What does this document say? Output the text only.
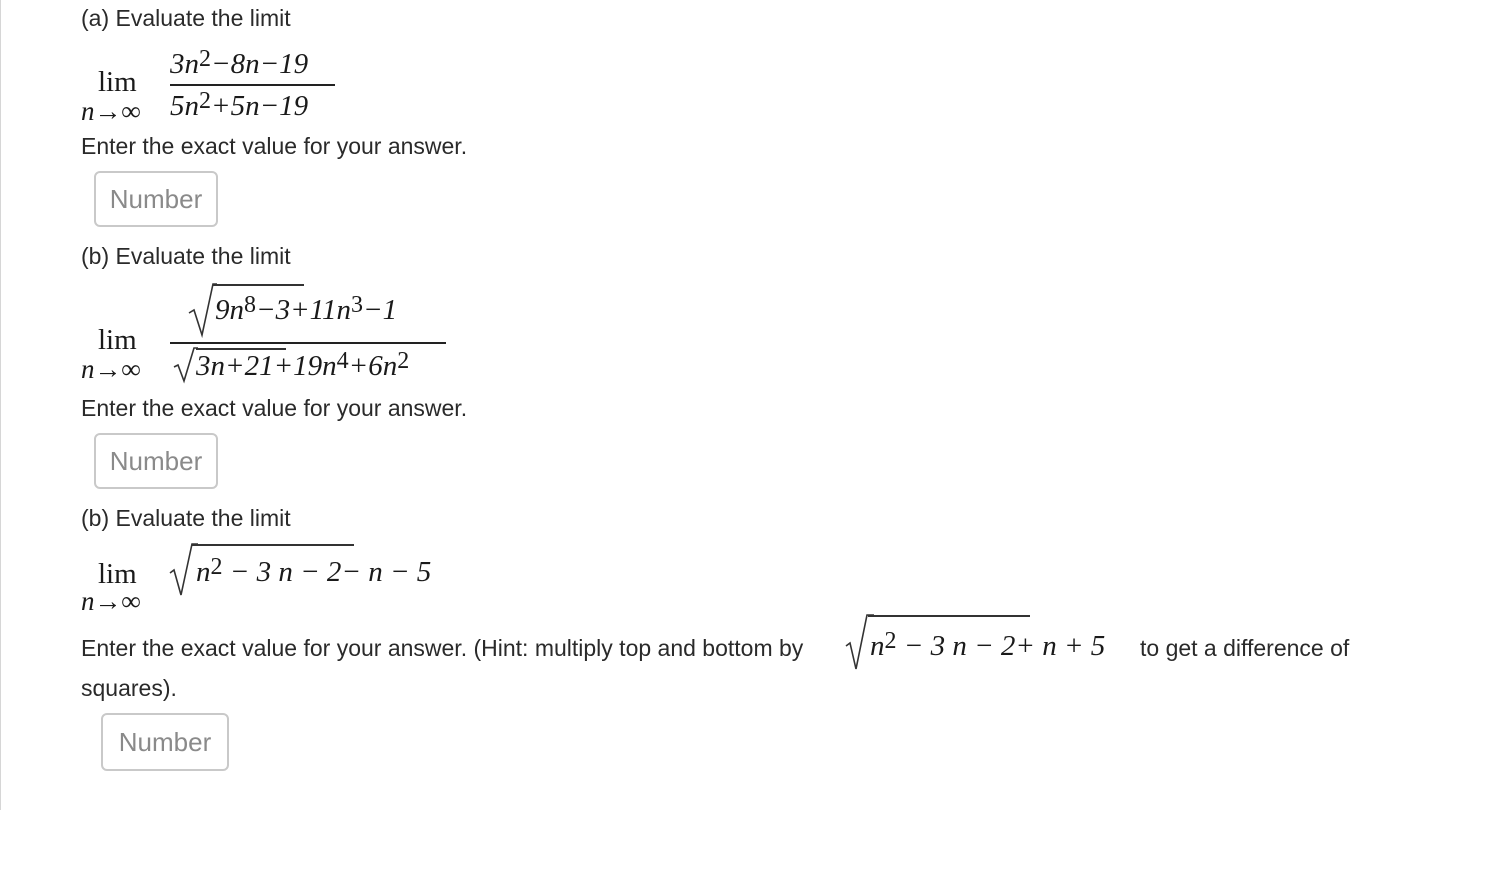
(a) Evaluate the limit
lim
n→∞
$3n^2-8n-19$
$5n^2+5n-19$
Enter the exact value for your answer.
Number
(b) Evaluate the limit
lim
n→∞
$9n^8-3+11n^3-1$
$3n+21+19n^4+6n^2$
Enter the exact value for your answer.
Number
(b) Evaluate the limit
lim
n→∞
$n^2 - 3$ n − 2− n − 5
Enter the exact value for your answer. (Hint: multiply top and bottom by $n^2 - 3$ n − 2+ n + 5 to get a difference of
squares).
Number
